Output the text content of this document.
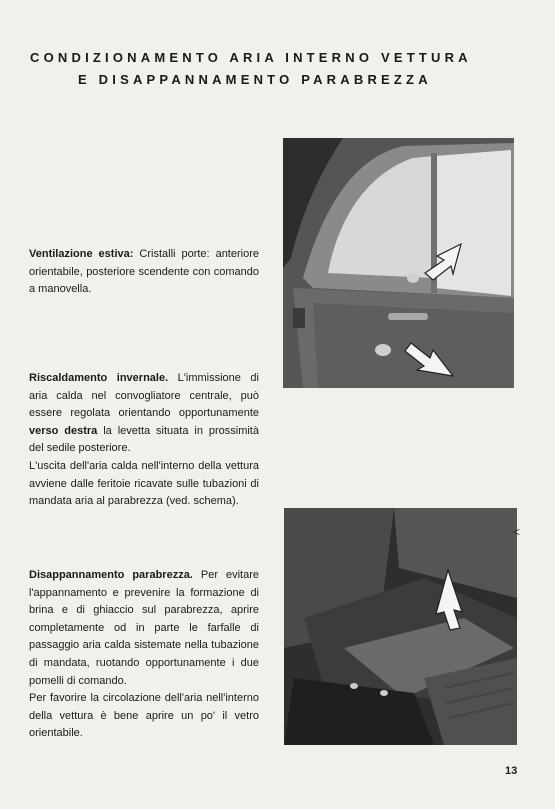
CONDIZIONAMENTO ARIA INTERNO VETTURA
E DISAPPANNAMENTO PARABREZZA

Ventilazione estiva: Cristalli porte: anteriore orientabile, posteriore scendente con comando a manovella.

Riscaldamento invernale. L'immissione di aria calda nel convogliatore centrale, può essere regolata orientando opportunamente verso destra la levetta situata in prossimità del sedile posteriore.

L'uscita dell'aria calda nell'interno della vettura avviene dalle feritoie ricavate sulle tubazioni di mandata aria al parabrezza (ved. schema).

Disappannamento parabrezza. Per evitare l'appannamento e prevenire la formazione di brina e di ghiaccio sul parabrezza, aprire completamente od in parte le farfalle di passaggio aria calda sistemate nella tubazione di mandata, ruotando opportunamente i due pomelli di comando.

Per favorire la circolazione dell'aria nell'interno della vettura è bene aprire un po' il vetro orientabile.

V
13
